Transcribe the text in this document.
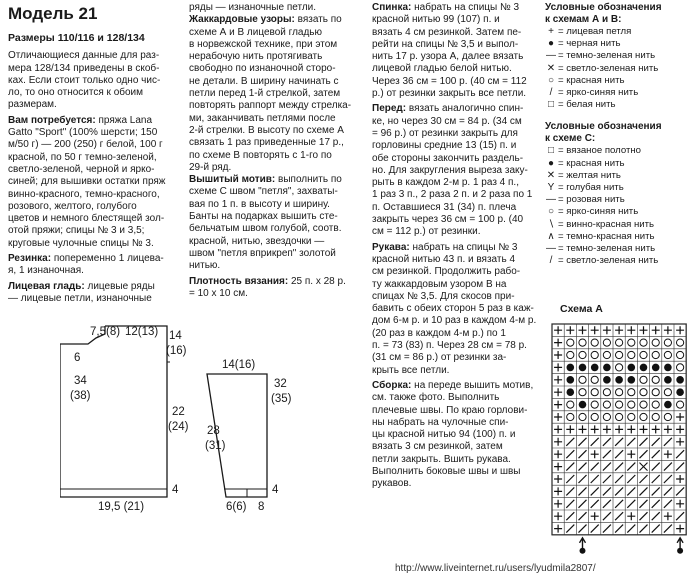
Модель 21

Размеры 110/116 и 128/134

Отличающиеся данные для раз-
мера 128/134 приведены в скоб-
ках. Если стоит только одно чис-
ло, то оно относится к обоим
размерам.

Вам потребуется: пряжа Lana
Gatto "Sport" (100% шерсти; 150
м/50 г) — 200 (250) г белой, 100 г
красной, по 50 г темно-зеленой,
светло-зеленой, черной и ярко-
синей; для вышивки остатки пряж
винно-красного, темно-красного,
розового, желтого, голубого
цветов и немного блестящей зол-
отой пряжи; спицы № 3 и 3,5;
круговые чулочные спицы № 3.

Резинка: попеременно 1 лицева-
я, 1 изнаночная.

Лицевая гладь: лицевые ряды
— лицевые петли, изнаночные

ряды — изнаночные петли.

Жаккардовые узоры: вязать по
схеме А и В лицевой гладью
в норвежской технике, при этом
нерабочую нить протягивать
свободно по изнаночной сторо-
не детали. В ширину начинать с
петли перед 1-й стрелкой, затем
повторять раппорт между стрелка-
ми, заканчивать петлями после
2-й стрелки. В высоту по схеме А
связать 1 раз приведенные 17 р.,
по схеме В повторять с 1-го по
29-й ряд.

Вышитый мотив: выполнить по
схеме С швом "петля", захваты-
вая по 1 п. в высоту и ширину.
Банты на подарках вышить сте-
бельчатым швом голубой, соотв.
красной, нитью, звездочки —
швом "петля вприкреп" золотой
нитью.

Плотность вязания: 25 п. х 28 р.
= 10 х 10 см.

Спинка: набрать на спицы № 3
красной нитью 99 (107) п. и
вязать 4 см резинкой. Затем пе-
рейти на спицы № 3,5 и выпол-
нить 17 р. узора А, далее вязать
лицевой гладью белой нитью.
Через 36 см = 100 р. (40 см = 112
р.) от резинки закрыть все петли.

Перед: вязать аналогично спин-
ке, но через 30 см = 84 р. (34 см
= 96 р.) от резинки закрыть для
горловины средние 13 (15) п. и
обе стороны закончить раздель-
но. Для закругления выреза заку-
рыть в каждом 2-м р. 1 раз 4 п.,
1 раз 3 п., 2 раза 2 п. и 2 раза по 1
п. Оставшиеся 31 (34) п. плеча
закрыть через 36 см = 100 р. (40
см = 112 р.) от резинки.

Рукава: набрать на спицы № 3
красной нитью 43 п. и вязать 4
см резинкой. Продолжить рабо-
ту жаккардовым узором В на
спицах № 3,5. Для скосов при-
бавить с обеих сторон 5 раз в каж-
дом 6-м р. и 10 раз в каждом 4-м р.
(20 раз в каждом 4-м р.) по 1
п. = 73 (83) п. Через 28 см = 78 р.
(31 см = 86 р.) от резинки за-
крыть все петли.

Сборка: на переде вышить мотив,
см. также фото. Выполнить
плечевые швы. По краю горлови-
ны набрать на чулочные спи-
цы красной нитью 94 (100) п. и
вязать 3 см резинкой, затем
петли закрыть. Вшить рукава.
Выполнить боковые швы и швы
рукавов.

Условные обозначения
к схемам А и В:
+ = лицевая петля
● = черная нить
— = темно-зеленая нить
✕ = светло-зеленая нить
○ = красная нить
/ = ярко-синяя нить
□ = белая нить
Условные обозначения
к схеме С:
□ = вязаное полотно
● = красная нить
✕ = желтая нить
Y = голубая нить
— = розовая нить
○ = ярко-синяя нить
∖ = винно-красная нить
∧ = темно-красная нить
— = темно-зеленая нить
/ = светло-зеленая нить
Схема А
7,5(8) 12(13)
6
34
(38)
14
(16)
22
(24)
4
19,5 (21)
14(16)
28
(31)
32
(35)
6(6) 8
4
http://www.liveinternet.ru/users/lyudmila2807/
